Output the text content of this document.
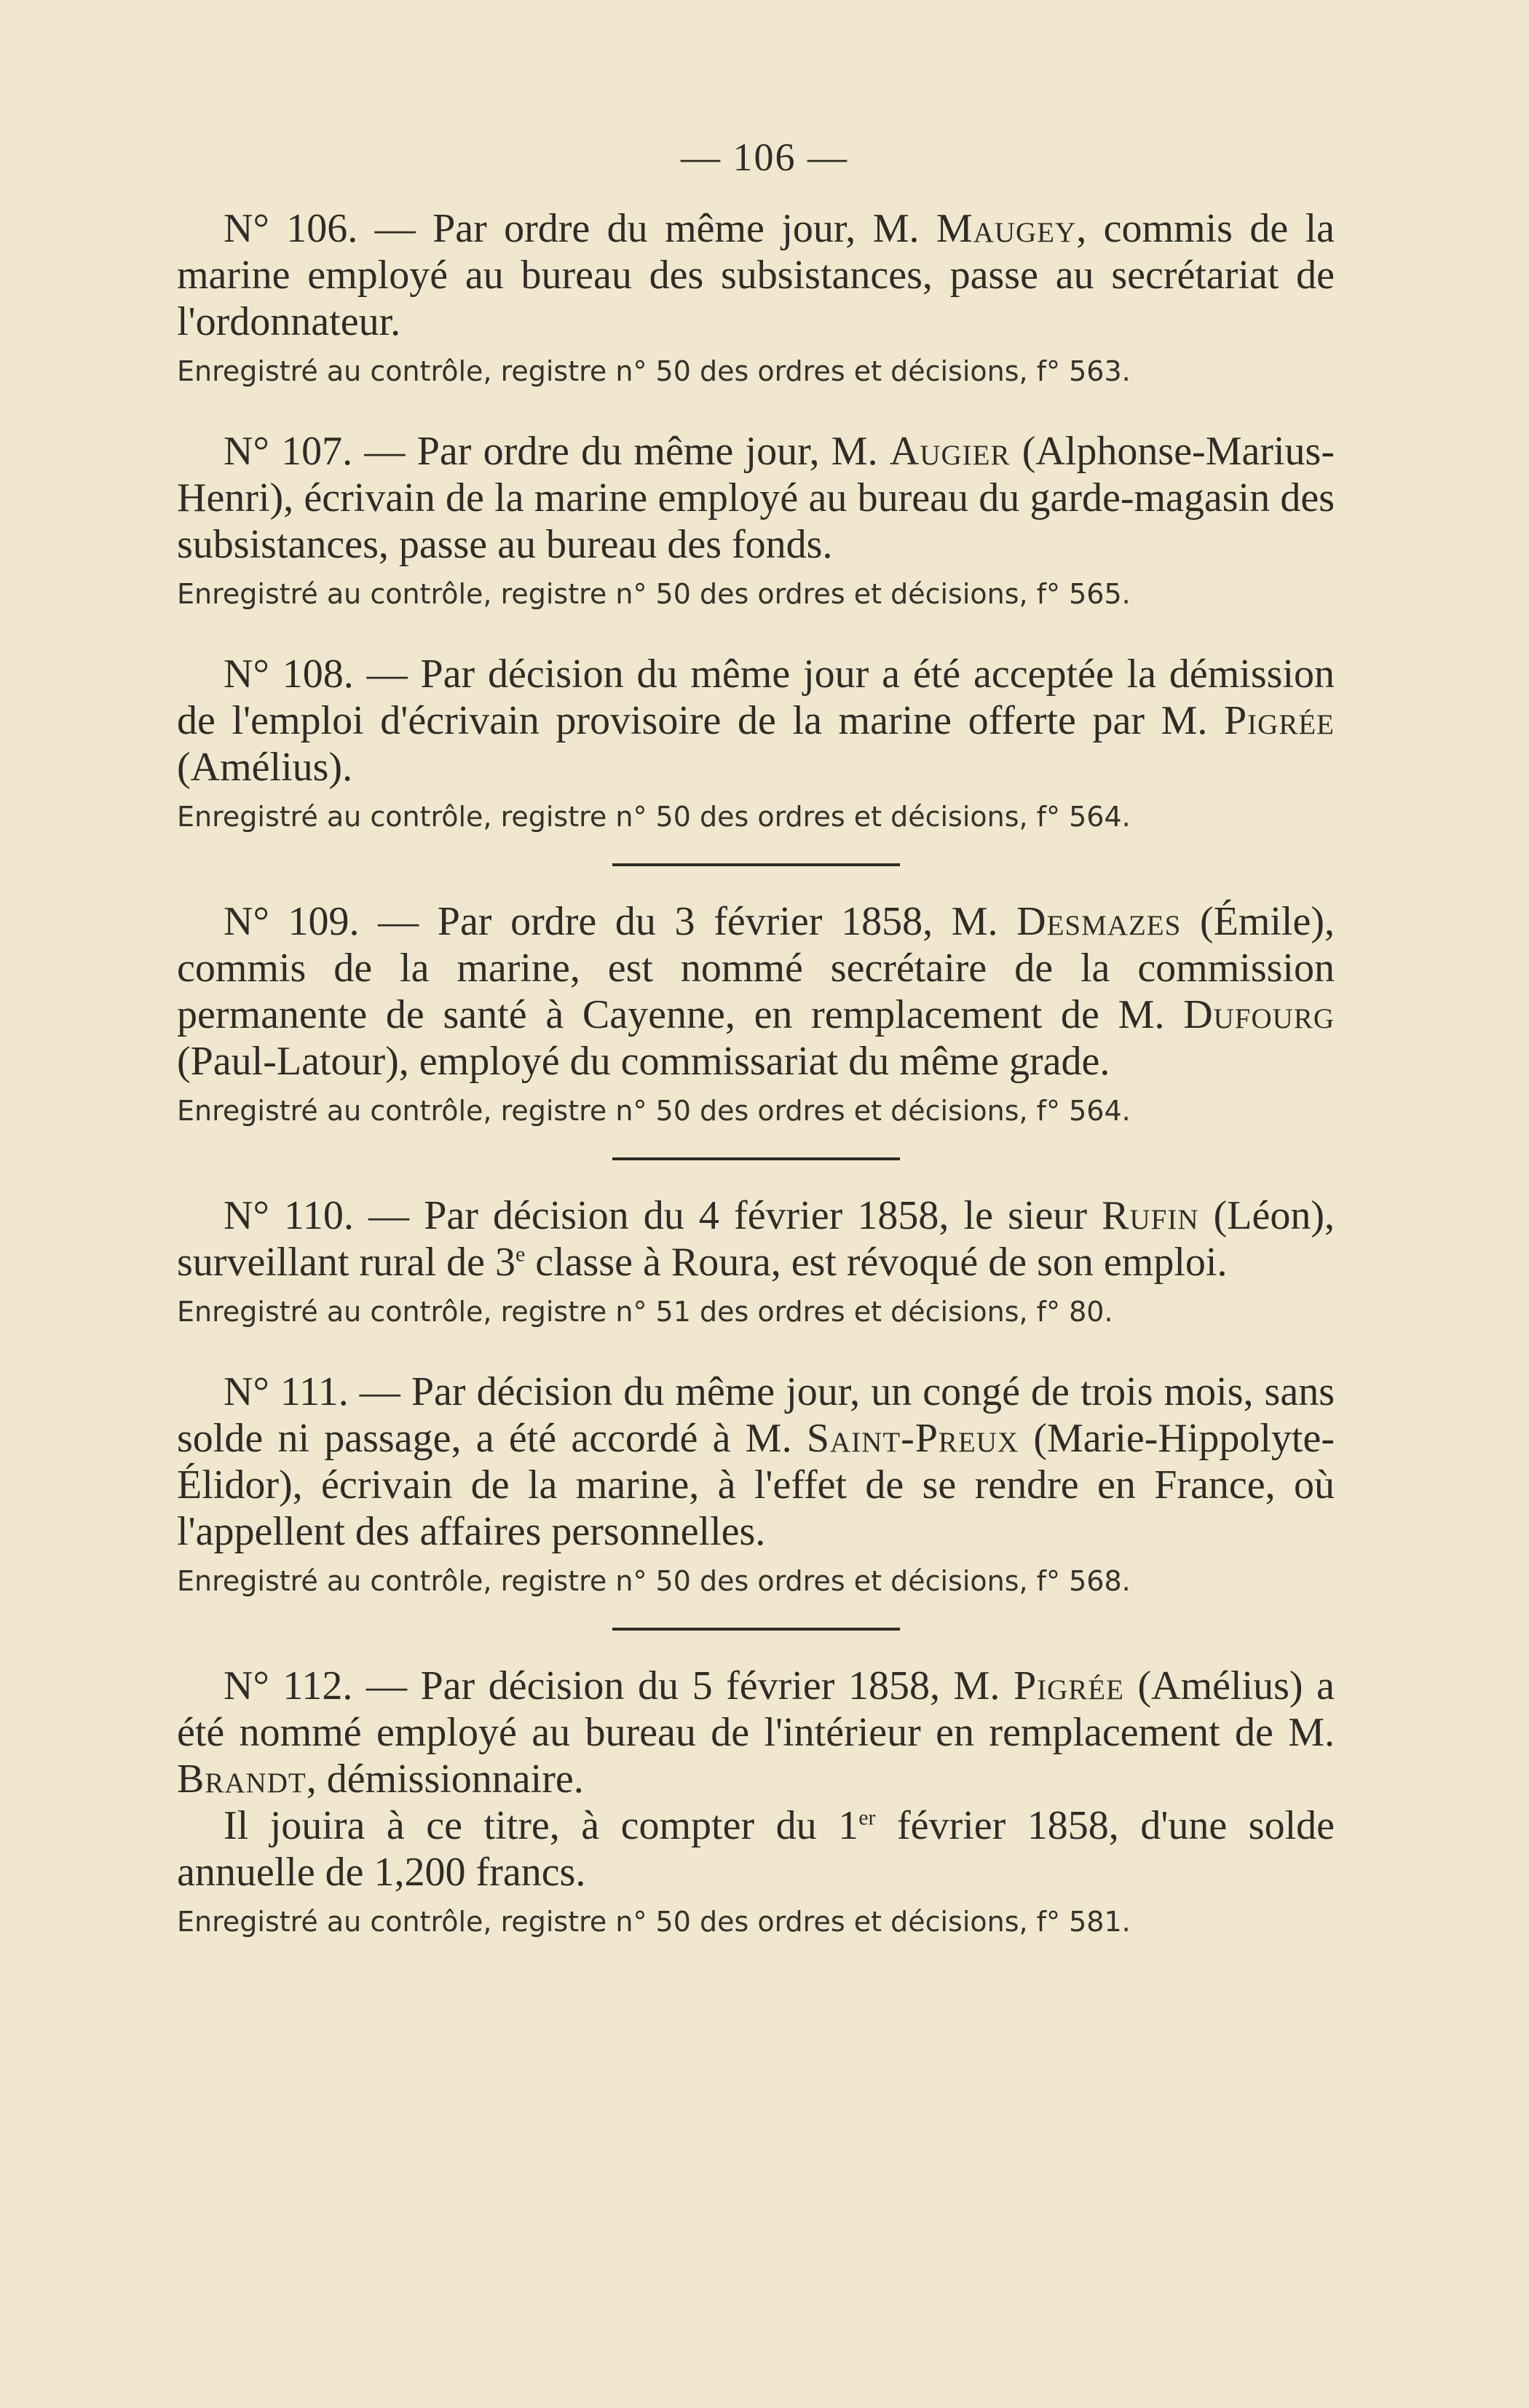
— 106 —

N° 106. — Par ordre du même jour, M. Maugey, commis de la marine employé au bureau des subsistances, passe au secrétariat de l'ordonnateur.

Enregistré au contrôle, registre n° 50 des ordres et décisions, f° 563.

N° 107. — Par ordre du même jour, M. Augier (Alphonse-Marius-Henri), écrivain de la marine employé au bureau du garde-magasin des subsistances, passe au bureau des fonds.

Enregistré au contrôle, registre n° 50 des ordres et décisions, f° 565.

N° 108. — Par décision du même jour a été acceptée la démission de l'emploi d'écrivain provisoire de la marine offerte par M. Pigrée (Amélius).

Enregistré au contrôle, registre n° 50 des ordres et décisions, f° 564.

N° 109. — Par ordre du 3 février 1858, M. Desmazes (Émile), commis de la marine, est nommé secrétaire de la commission permanente de santé à Cayenne, en remplacement de M. Dufourg (Paul-Latour), employé du commissariat du même grade.

Enregistré au contrôle, registre n° 50 des ordres et décisions, f° 564.

N° 110. — Par décision du 4 février 1858, le sieur Rufin (Léon), surveillant rural de 3e classe à Roura, est révoqué de son emploi.

Enregistré au contrôle, registre n° 51 des ordres et décisions, f° 80.

N° 111. — Par décision du même jour, un congé de trois mois, sans solde ni passage, a été accordé à M. Saint-Preux (Marie-Hippolyte-Élidor), écrivain de la marine, à l'effet de se rendre en France, où l'appellent des affaires personnelles.

Enregistré au contrôle, registre n° 50 des ordres et décisions, f° 568.

N° 112. — Par décision du 5 février 1858, M. Pigrée (Amélius) a été nommé employé au bureau de l'intérieur en remplacement de M. Brandt, démissionnaire.

Il jouira à ce titre, à compter du 1er février 1858, d'une solde annuelle de 1,200 francs.

Enregistré au contrôle, registre n° 50 des ordres et décisions, f° 581.
